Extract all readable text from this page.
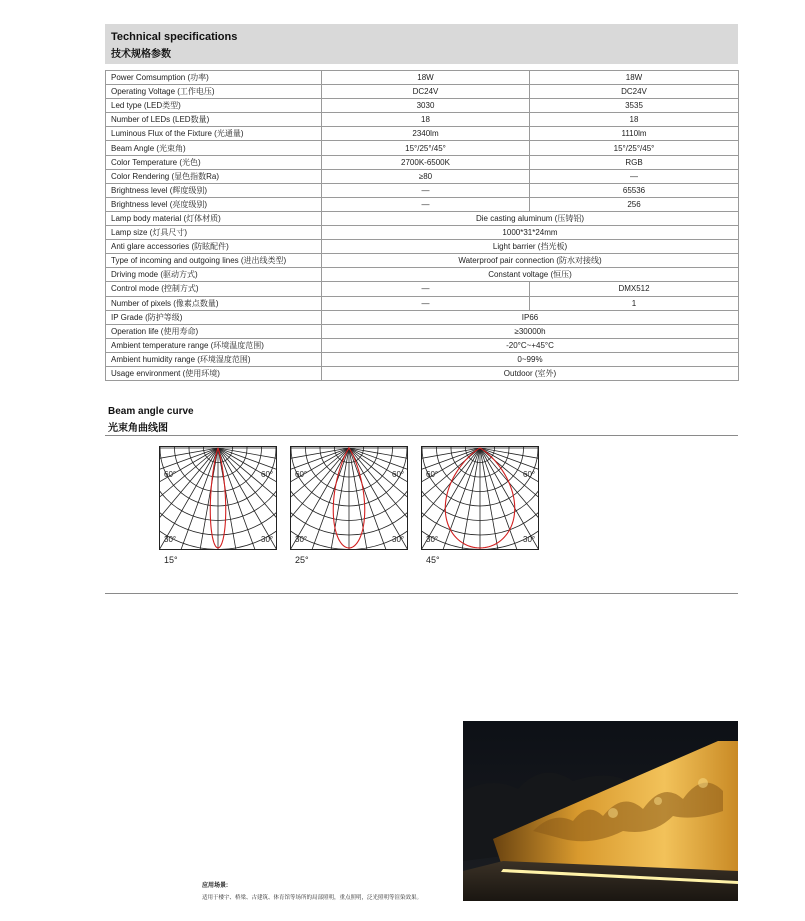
Technical specifications
技术规格参数
Power Comsumption (功率)	18W	18W
Operating Voltage (工作电压)	DC24V	DC24V
Led type (LED类型)	3030	3535
Number of LEDs (LED数量)	18	18
Luminous Flux of the Fixture (光通量)	2340lm	1110lm
Beam Angle (光束角)	15°/25°/45°	15°/25°/45°
Color Temperature (光色)	2700K-6500K	RGB
Color Rendering (显色指数Ra)	≥80	—
Brightness level (辉度级别)	—	65536
Brightness level (亮度级别)	—	256
Lamp body material (灯体材质)	Die casting aluminum (压铸铝)	
Lamp size (灯具尺寸)	1000*31*24mm	
Anti glare accessories (防眩配件)	Light barrier (挡光板)	
Type of incoming and outgoing lines (进出线类型)	Waterproof pair connection (防水对接线)	
Driving mode (驱动方式)	Constant voltage (恒压)	
Control mode (控制方式)	—	DMX512
Number of pixels (像素点数量)	—	1
IP Grade (防护等级)	IP66	
Operation life (使用寿命)	≥30000h	
Ambient temperature range (环境温度范围)	-20°C~+45°C	
Ambient humidity range (环境湿度范围)	0~99%	
Usage environment (使用环境)	Outdoor (室外)	
Beam angle curve
光束角曲线图
60°	60°
30°	30°
15°
60°	60°
30°	30°
25°
60°	60°
30°	30°
45°
应用场景:
适用于楼宇、桥梁、古建筑、体育馆等场所的局部照明，重点照明，泛光照明等渲染效果。
